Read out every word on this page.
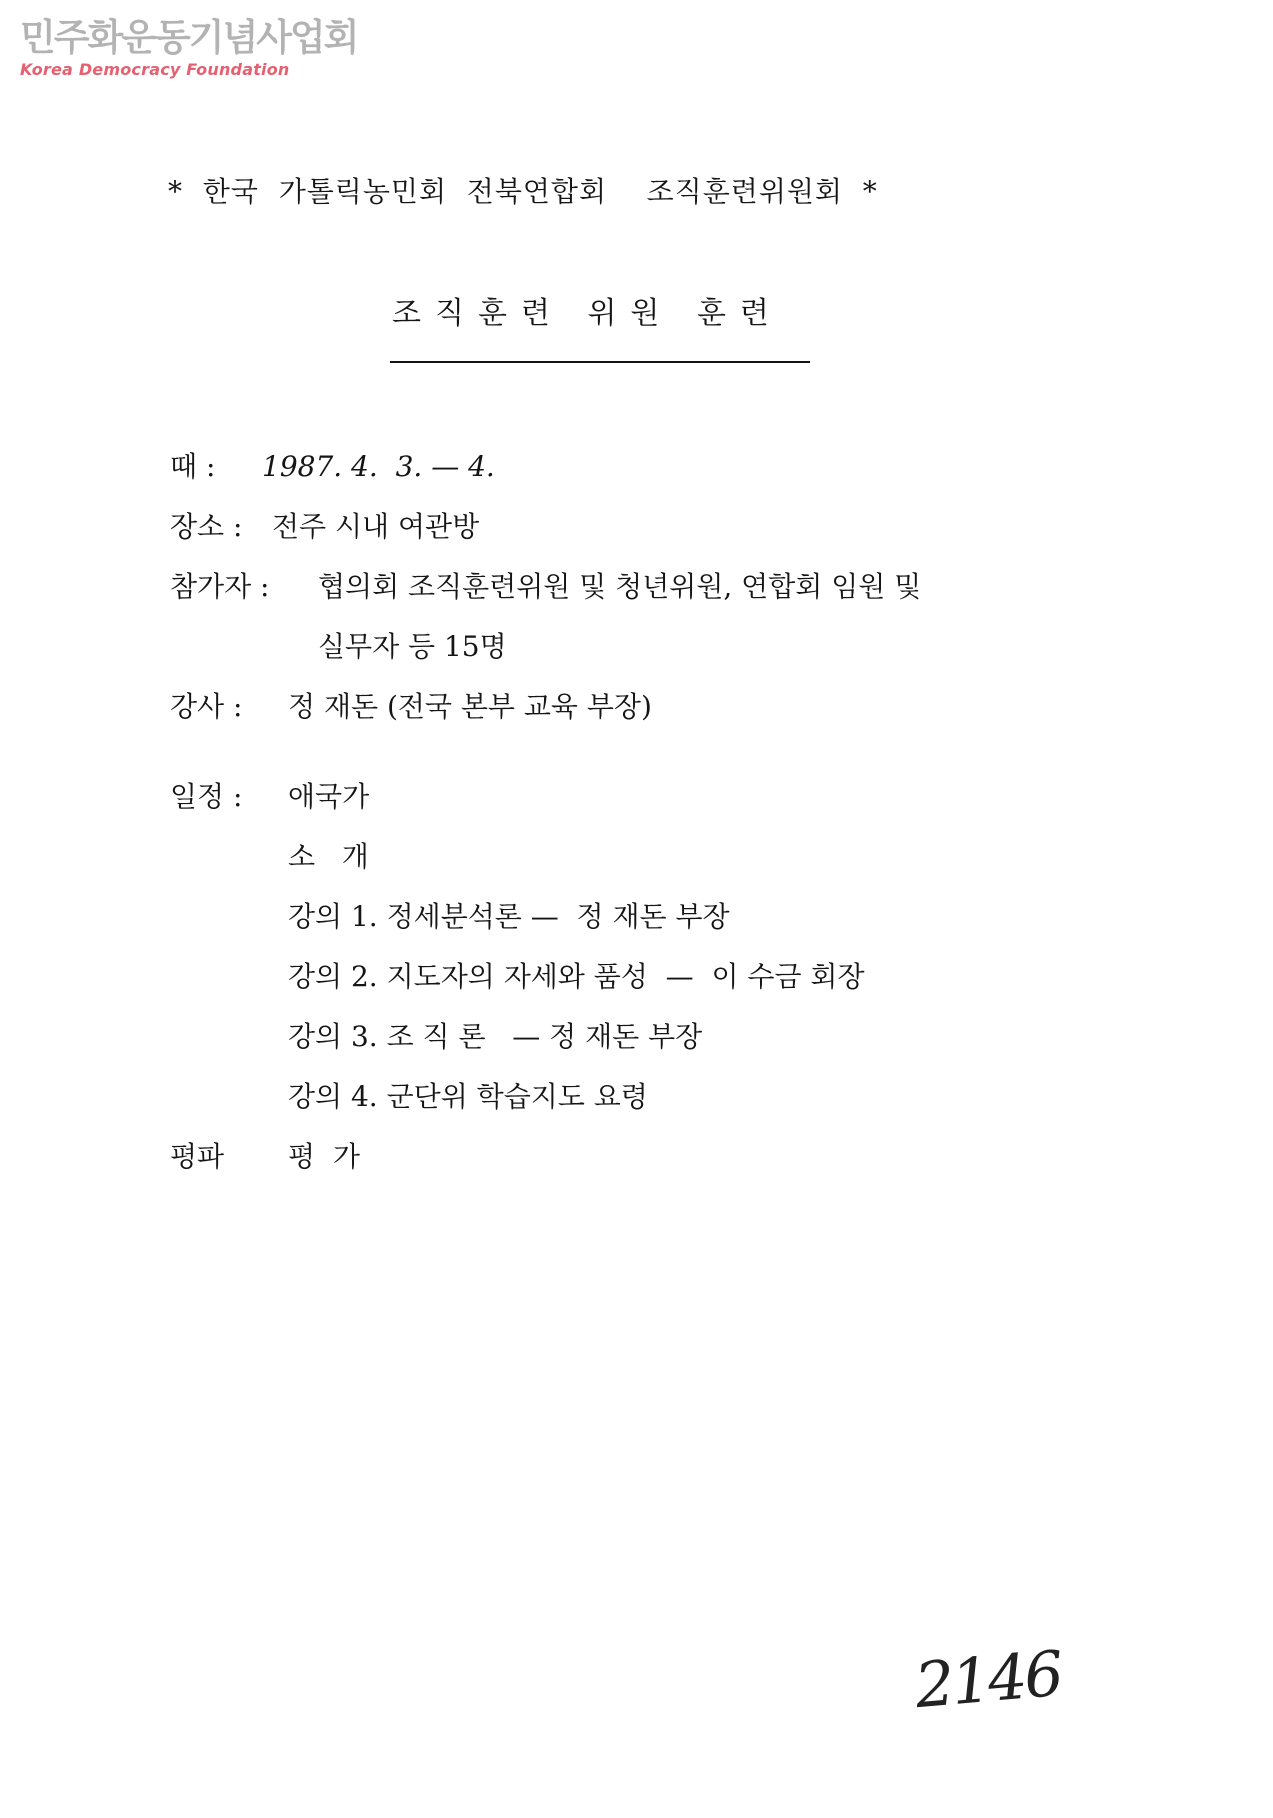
민주화운동기념사업회
Korea Democracy Foundation
*  한국  가톨릭농민회  전북연합회    조직훈련위원회  *
조직훈련 위원 훈련
때 : 1987. 4.  3. — 4.
장소 : 전주 시내 여관방
참가자 : 협의회 조직훈련위원 및 청년위원, 연합회 임원 및
실무자 등 15명
강사 : 정 재돈 (전국 본부 교육 부장)
일정 : 애국가
소   개
강의 1. 정세분석론 —  정 재돈 부장
강의 2. 지도자의 자세와 품성  —  이 수금 회장
강의 3. 조 직 론   — 정 재돈 부장
강의 4. 군단위 학습지도 요령
평파 평  가
2146
